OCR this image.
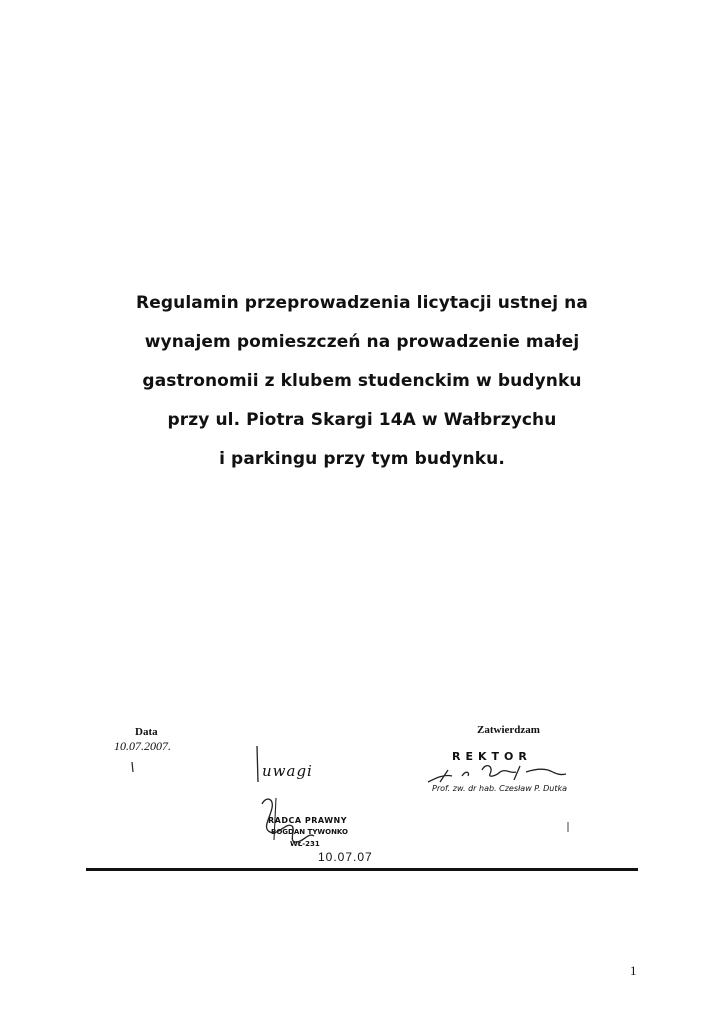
Regulamin przeprowadzenia licytacji ustnej na
wynajem pomieszczeń na prowadzenie małej
gastronomii z klubem studenckim w budynku
przy ul. Piotra Skargi 14A w Wałbrzychu
i parkingu przy tym budynku.
Data
10.07.2007.
Zatwierdzam
REKTOR
Prof. zw. dr hab. Czesław P. Dutka
uwagi
RADCA PRAWNY
BOGDAN TYWONKO
WŁ-231
10.07.07
1
